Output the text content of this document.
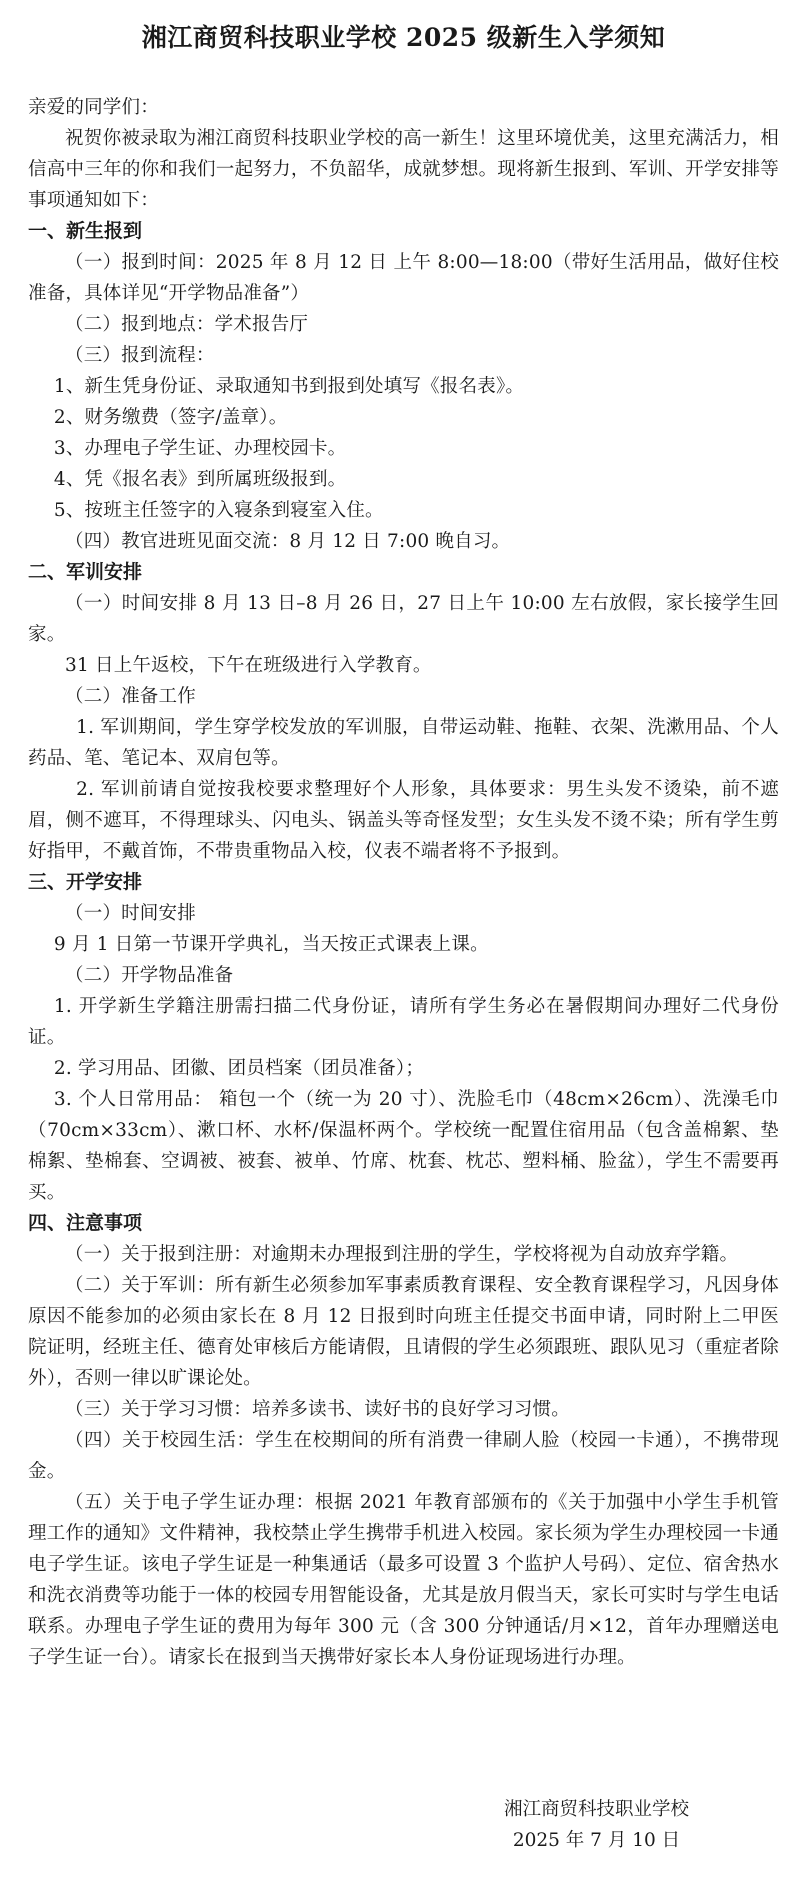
湘江商贸科技职业学校 2025 级新生入学须知

亲爱的同学们：

祝贺你被录取为湘江商贸科技职业学校的高一新生！这里环境优美，这里充满活力，相信高中三年的你和我们一起努力，不负韶华，成就梦想。现将新生报到、军训、开学安排等事项通知如下：

一、新生报到

（一）报到时间：2025 年 8 月 12 日 上午 8:00—18:00（带好生活用品，做好住校准备，具体详见“开学物品准备”）

（二）报到地点：学术报告厅

（三）报到流程：

1、新生凭身份证、录取通知书到报到处填写《报名表》。

2、财务缴费（签字/盖章）。

3、办理电子学生证、办理校园卡。

4、凭《报名表》到所属班级报到。

5、按班主任签字的入寝条到寝室入住。

（四）教官进班见面交流：8 月 12 日 7:00 晚自习。

二、军训安排

（一）时间安排 8 月 13 日–8 月 26 日，27 日上午 10:00 左右放假，家长接学生回家。

31 日上午返校，下午在班级进行入学教育。

（二）准备工作

1. 军训期间，学生穿学校发放的军训服，自带运动鞋、拖鞋、衣架、洗漱用品、个人药品、笔、笔记本、双肩包等。

2. 军训前请自觉按我校要求整理好个人形象，具体要求：男生头发不烫染，前不遮眉，侧不遮耳，不得理球头、闪电头、锅盖头等奇怪发型；女生头发不烫不染；所有学生剪好指甲，不戴首饰，不带贵重物品入校，仪表不端者将不予报到。

三、开学安排

（一）时间安排

9 月 1 日第一节课开学典礼，当天按正式课表上课。

（二）开学物品准备

1. 开学新生学籍注册需扫描二代身份证，请所有学生务必在暑假期间办理好二代身份证。

2. 学习用品、团徽、团员档案（团员准备）；

3. 个人日常用品： 箱包一个（统一为 20 寸）、洗脸毛巾（48cm×26cm）、洗澡毛巾（70cm×33cm）、漱口杯、水杯/保温杯两个。学校统一配置住宿用品（包含盖棉絮、垫棉絮、垫棉套、空调被、被套、被单、竹席、枕套、枕芯、塑料桶、脸盆），学生不需要再买。

四、注意事项

（一）关于报到注册：对逾期未办理报到注册的学生，学校将视为自动放弃学籍。

（二）关于军训：所有新生必须参加军事素质教育课程、安全教育课程学习，凡因身体原因不能参加的必须由家长在 8 月 12 日报到时向班主任提交书面申请，同时附上二甲医院证明，经班主任、德育处审核后方能请假，且请假的学生必须跟班、跟队见习（重症者除外），否则一律以旷课论处。

（三）关于学习习惯：培养多读书、读好书的良好学习习惯。

（四）关于校园生活：学生在校期间的所有消费一律刷人脸（校园一卡通），不携带现金。

（五）关于电子学生证办理：根据 2021 年教育部颁布的《关于加强中小学生手机管理工作的通知》文件精神，我校禁止学生携带手机进入校园。家长须为学生办理校园一卡通电子学生证。该电子学生证是一种集通话（最多可设置 3 个监护人号码）、定位、宿舍热水和洗衣消费等功能于一体的校园专用智能设备，尤其是放月假当天，家长可实时与学生电话联系。办理电子学生证的费用为每年 300 元（含 300 分钟通话/月×12，首年办理赠送电子学生证一台）。请家长在报到当天携带好家长本人身份证现场进行办理。

湘江商贸科技职业学校
2025 年 7 月 10 日
